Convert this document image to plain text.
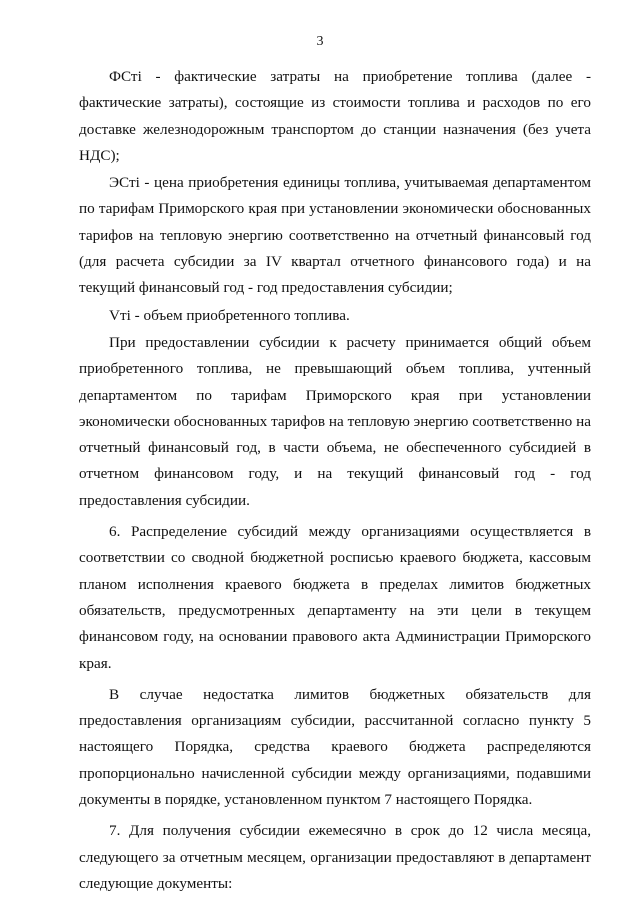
3

ФСті - фактические затраты на приобретение топлива (далее - фактические затраты), состоящие из стоимости топлива и расходов по его доставке железнодорожным транспортом до станции назначения (без учета НДС);

ЭСті - цена приобретения единицы топлива, учитываемая департаментом по тарифам Приморского края при установлении экономически обоснованных тарифов на тепловую энергию соответственно на отчетный финансовый год (для расчета субсидии за IV квартал отчетного финансового года) и на текущий финансовый год - год предоставления субсидии;

Vті - объем приобретенного топлива.

При предоставлении субсидии к расчету принимается общий объем приобретенного топлива, не превышающий объем топлива, учтенный департаментом по тарифам Приморского края при установлении экономически обоснованных тарифов на тепловую энергию соответственно на отчетный финансовый год, в части объема, не обеспеченного субсидией в отчетном финансовом году, и на текущий финансовый год - год предоставления субсидии.

6. Распределение субсидий между организациями осуществляется в соответствии со сводной бюджетной росписью краевого бюджета, кассовым планом исполнения краевого бюджета в пределах лимитов бюджетных обязательств, предусмотренных департаменту на эти цели в текущем финансовом году, на основании правового акта Администрации Приморского края.

В случае недостатка лимитов бюджетных обязательств для предоставления организациям субсидии, рассчитанной согласно пункту 5 настоящего Порядка, средства краевого бюджета распределяются пропорционально начисленной субсидии между организациями, подавшими документы в порядке, установленном пунктом 7 настоящего Порядка.

7. Для получения субсидии ежемесячно в срок до 12 числа месяца, следующего за отчетным месяцем, организации предоставляют в департамент следующие документы:
